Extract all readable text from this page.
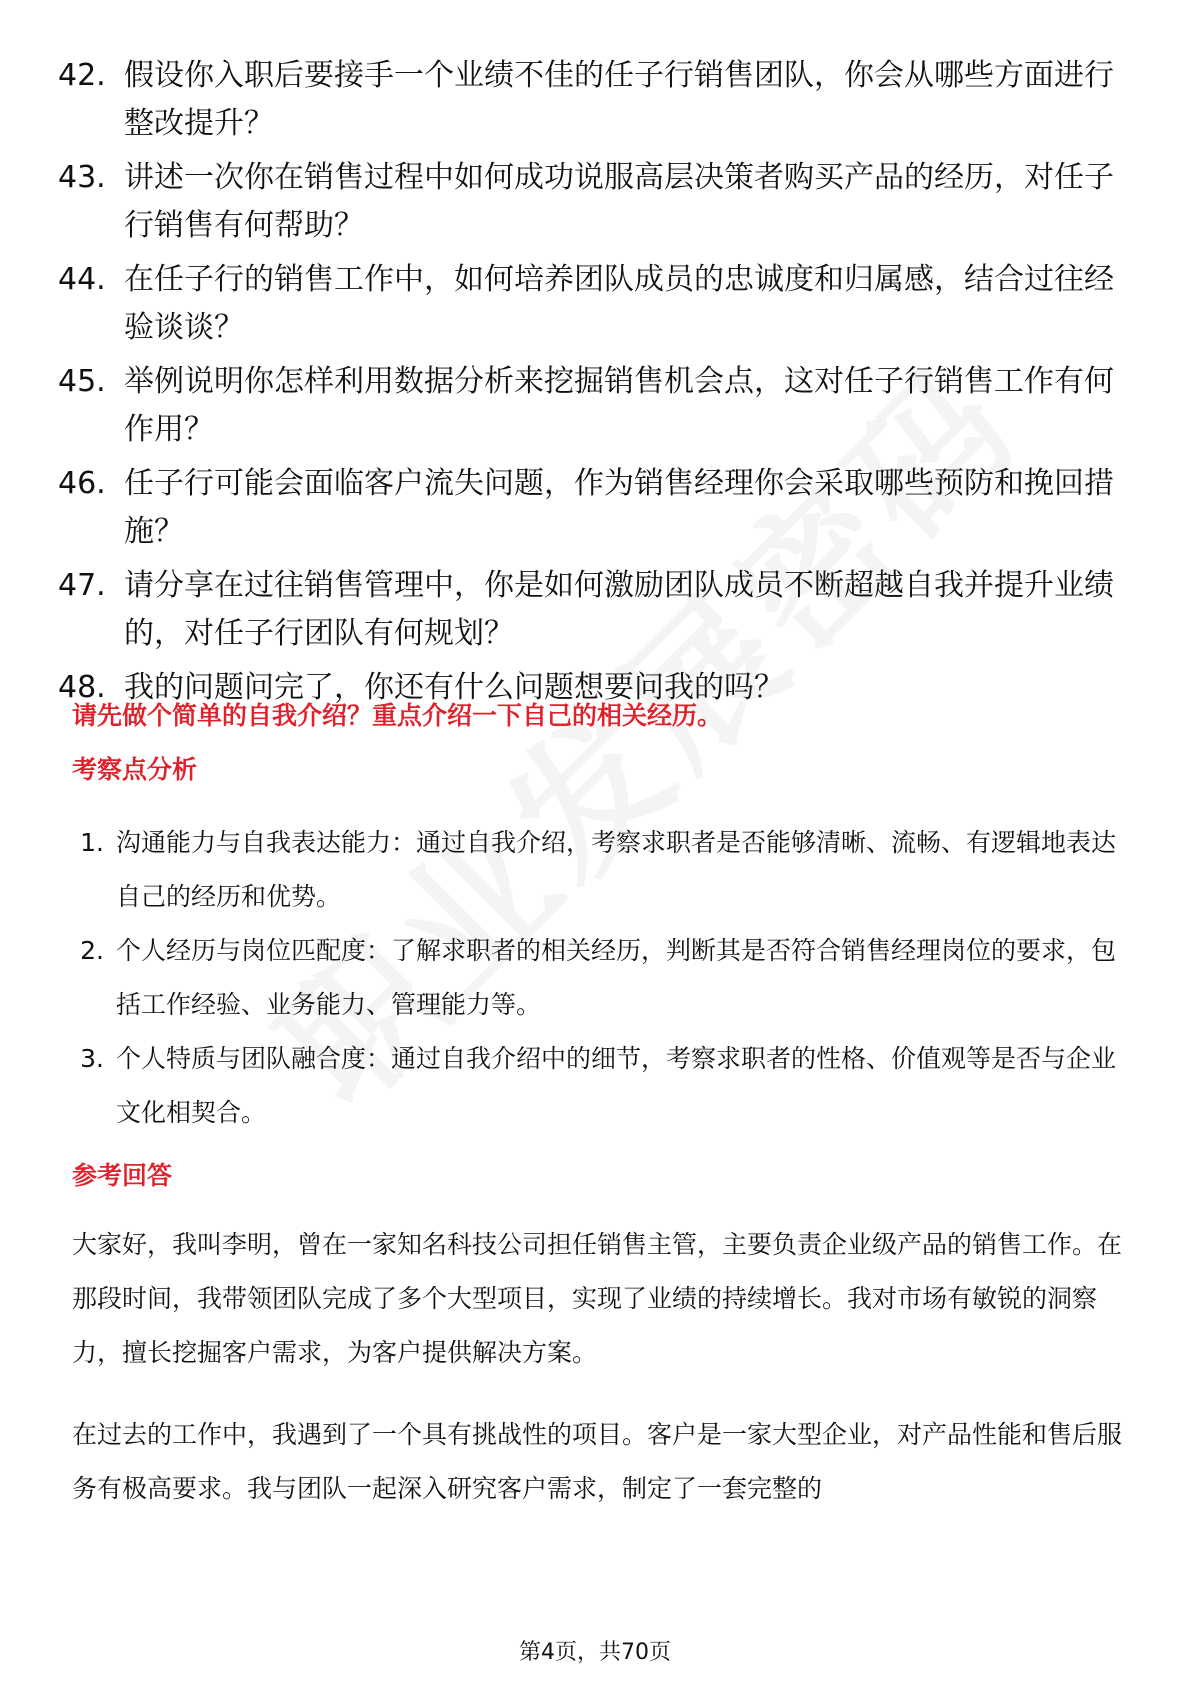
42. 假设你入职后要接手一个业绩不佳的任子行销售团队，你会从哪些方面进行整改提升？
43. 讲述一次你在销售过程中如何成功说服高层决策者购买产品的经历，对任子行销售有何帮助？
44. 在任子行的销售工作中，如何培养团队成员的忠诚度和归属感，结合过往经验谈谈？
45. 举例说明你怎样利用数据分析来挖掘销售机会点，这对任子行销售工作有何作用？
46. 任子行可能会面临客户流失问题，作为销售经理你会采取哪些预防和挽回措施？
47. 请分享在过往销售管理中，你是如何激励团队成员不断超越自我并提升业绩的，对任子行团队有何规划？
48. 我的问题问完了，你还有什么问题想要问我的吗？
请先做个简单的自我介绍？重点介绍一下自己的相关经历。
考察点分析
1. 沟通能力与自我表达能力：通过自我介绍，考察求职者是否能够清晰、流畅、有逻辑地表达自己的经历和优势。
2. 个人经历与岗位匹配度：了解求职者的相关经历，判断其是否符合销售经理岗位的要求，包括工作经验、业务能力、管理能力等。
3. 个人特质与团队融合度：通过自我介绍中的细节，考察求职者的性格、价值观等是否与企业文化相契合。
参考回答

大家好，我叫李明，曾在一家知名科技公司担任销售主管，主要负责企业级产品的销售工作。在那段时间，我带领团队完成了多个大型项目，实现了业绩的持续增长。我对市场有敏锐的洞察力，擅长挖掘客户需求，为客户提供解决方案。

在过去的工作中，我遇到了一个具有挑战性的项目。客户是一家大型企业，对产品性能和售后服务有极高要求。我与团队一起深入研究客户需求，制定了一套完整的

第4页，共70页
